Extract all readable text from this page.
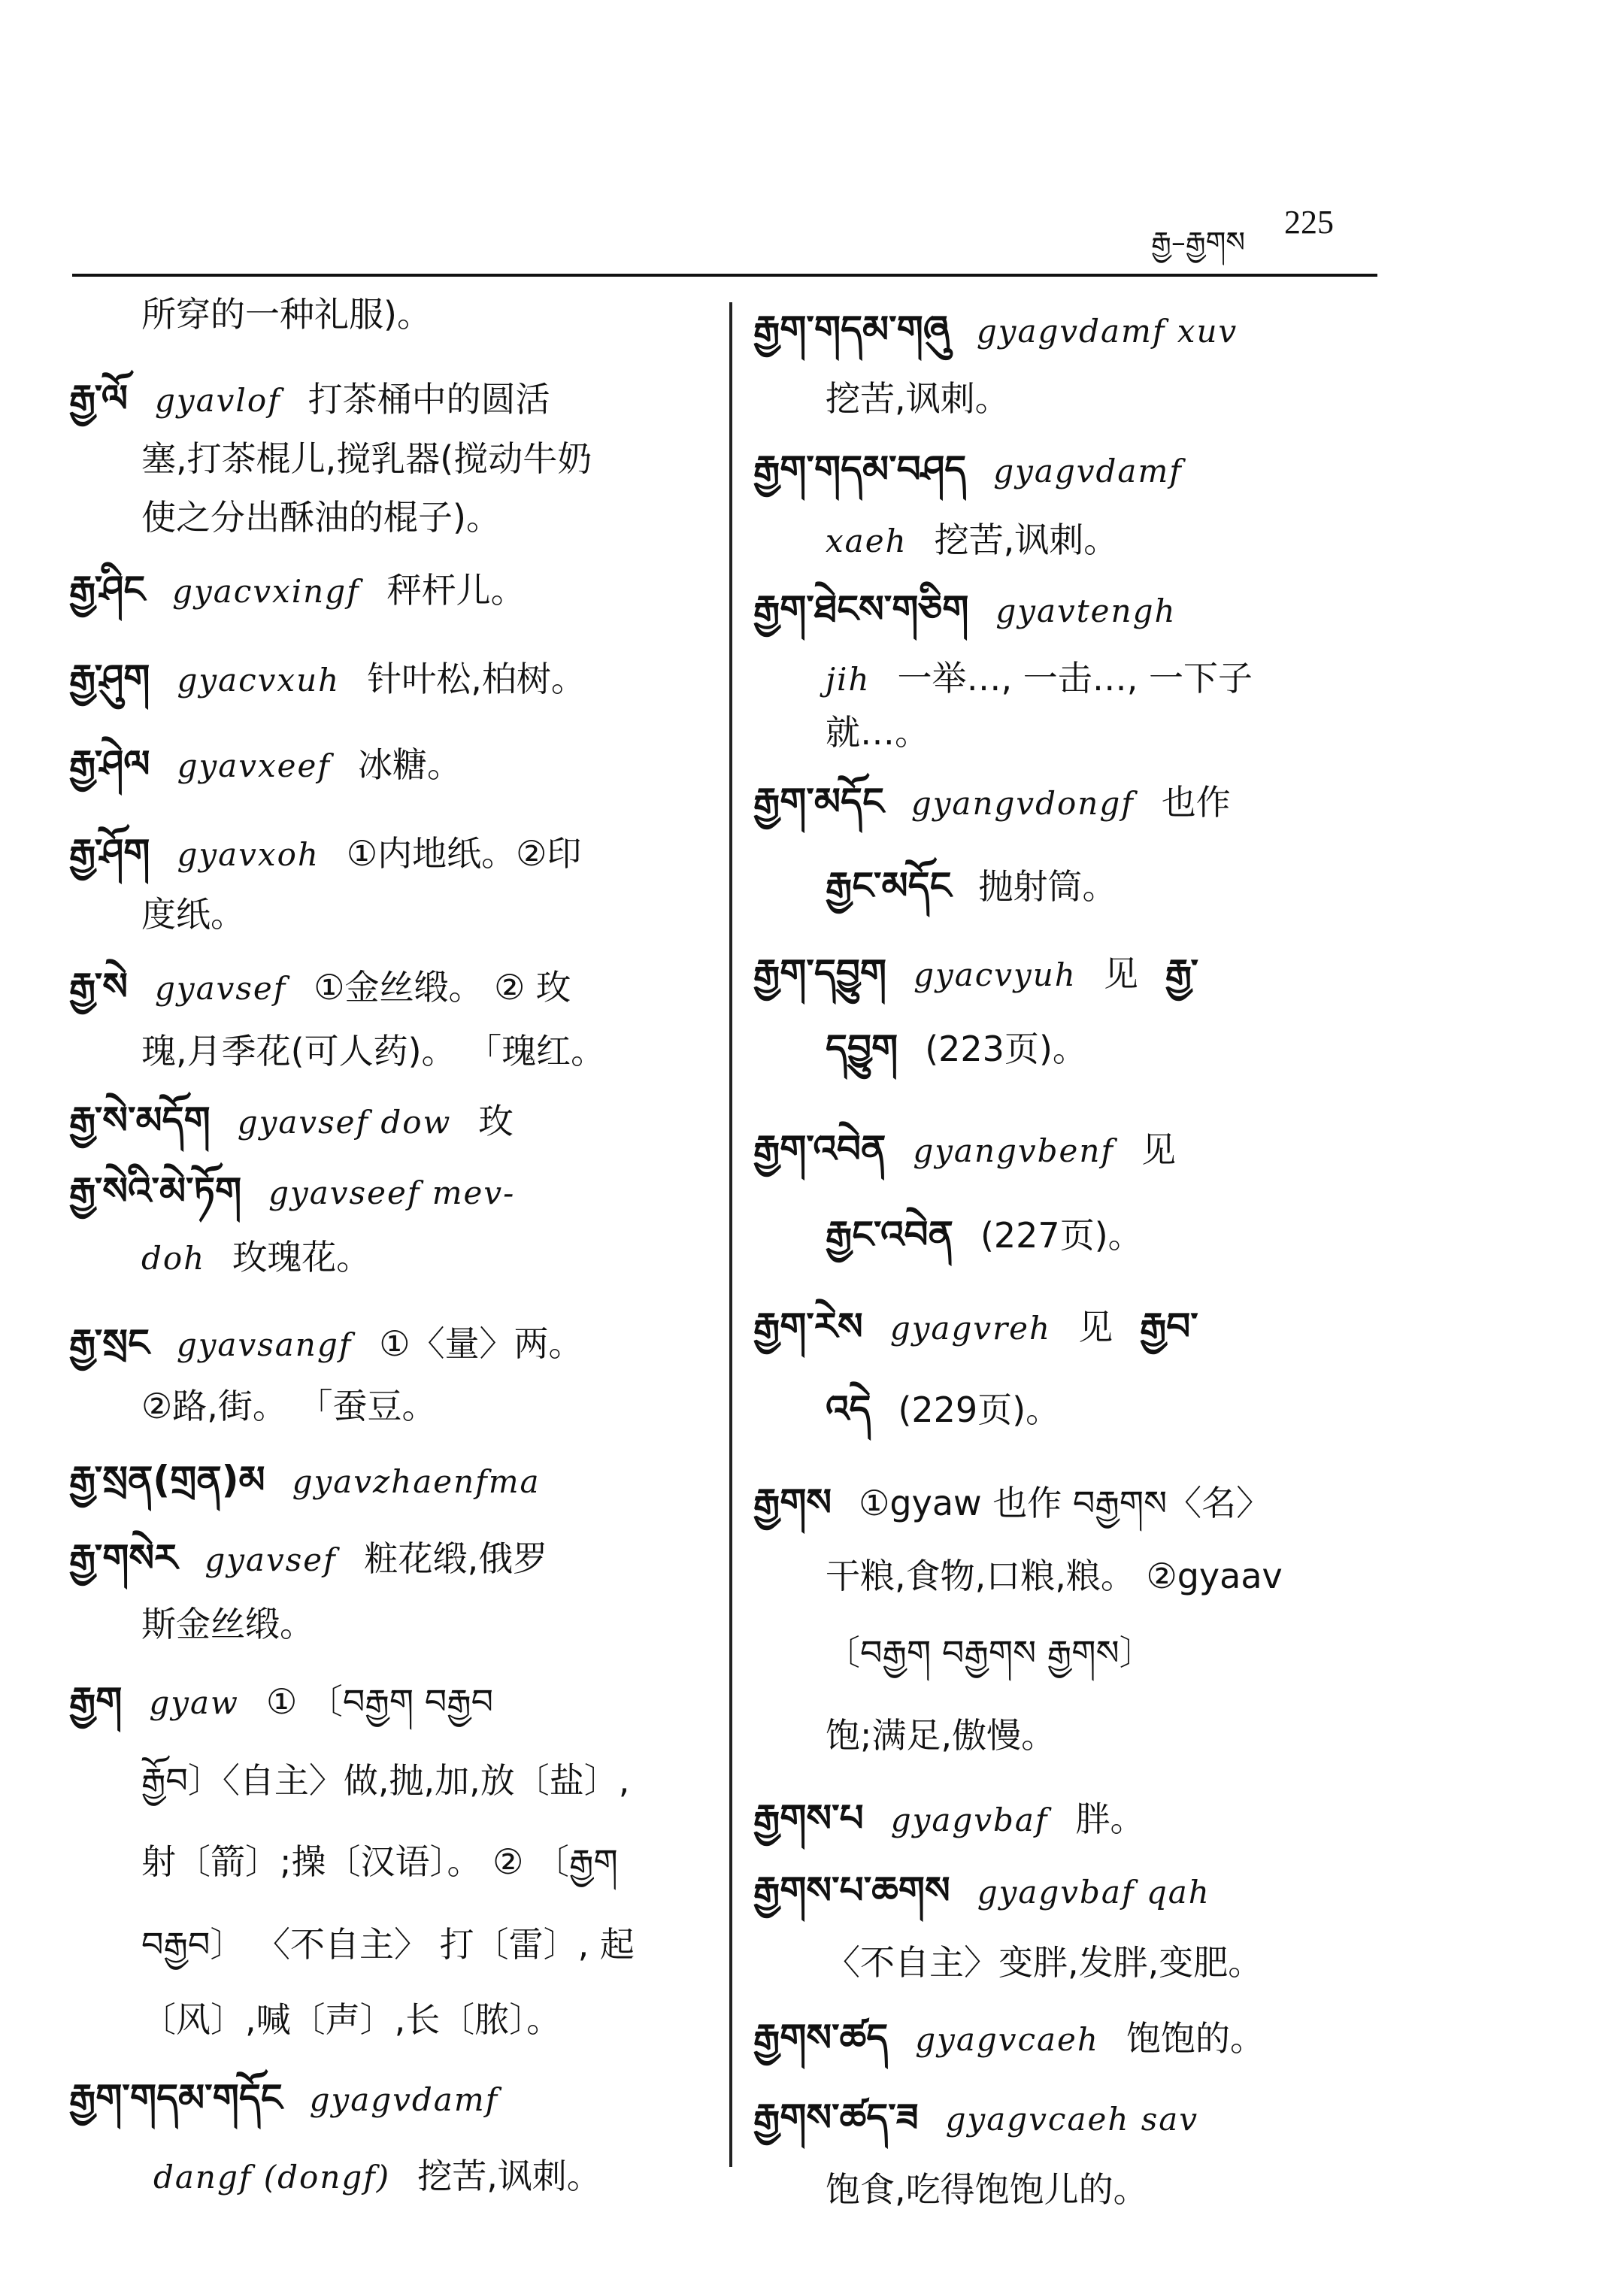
རྒྱ–རྒྱགས
225
所穿的一种礼服)。
རྒྱ་ལོ gyavlof 打茶桶中的圆活
塞,打茶棍儿,搅乳器(搅动牛奶
使之分出酥油的棍子)。
རྒྱ་ཤིང gyacvxingf 秤杆儿。
རྒྱ་ཤུག gyacvxuh 针叶松,柏树。
རྒྱ་ཤེལ gyavxeef 冰糖。
རྒྱ་ཤོག gyavxoh ①内地纸。②印
度纸。
རྒྱ་སེ gyavsef ①金丝缎。 ② 玫
瑰,月季花(可人药)。 「瑰红。
རྒྱ་སེ་མདོག gyavsef dow 玫
རྒྱ་སེའི་མེ་ཏོག gyavseef mev-
doh 玫瑰花。
རྒྱ་སྲང gyavsangf ①〈量〉两。
②路,街。 「蚕豆。
རྒྱ་སྲན(གྲན)མ gyavzhaenfma
རྒྱ་གསེར gyavsef 粧花缎,俄罗
斯金丝缎。
རྒྱག gyaw ① 〔བརྒྱག བརྒྱབ
རྒྱོབ〕〈自主〉做,抛,加,放〔盐〕,
射〔箭〕;操〔汉语〕。 ② 〔རྒྱག
བརྒྱབ〕 〈不自主〉 打〔雷〕, 起
〔风〕,喊〔声〕,长〔脓〕。
རྒྱག་གདམ་གདོང gyagvdamf
dangf (dongf) 挖苦,讽刺。
རྒྱག་གདམ་གཞུ gyagvdamf xuv
挖苦,讽刺。
རྒྱག་གདམ་བཤད gyagvdamf
xaeh 挖苦,讽刺。
རྒྱག་ཐེངས་གཅིག gyavtengh
jih 一举…, 一击…, 一下子
就…。
རྒྱག་མདོང gyangvdongf 也作
རྒྱང་མདོང 抛射筒。
རྒྱག་དབྱུག gyacvyuh 见 རྒྱ་
དབྱུག (223页)。
རྒྱག་འབེན gyangvbenf 见
རྒྱང་འབེན (227页)。
རྒྱག་རེས gyagvreh 见 རྒྱབ་
འདེ (229页)。
རྒྱགས ①gyaw 也作 བརྒྱགས〈名〉
干粮,食物,口粮,粮。 ②gyaav
〔བརྒྱག བརྒྱགས རྒྱགས〕
饱;满足,傲慢。
རྒྱགས་པ gyagvbaf 胖。
རྒྱགས་པ་ཆགས gyagvbaf qah
〈不自主〉变胖,发胖,变肥。
རྒྱགས་ཚད gyagvcaeh 饱饱的。
རྒྱགས་ཚད་ཟ gyagvcaeh sav
饱食,吃得饱饱儿的。
